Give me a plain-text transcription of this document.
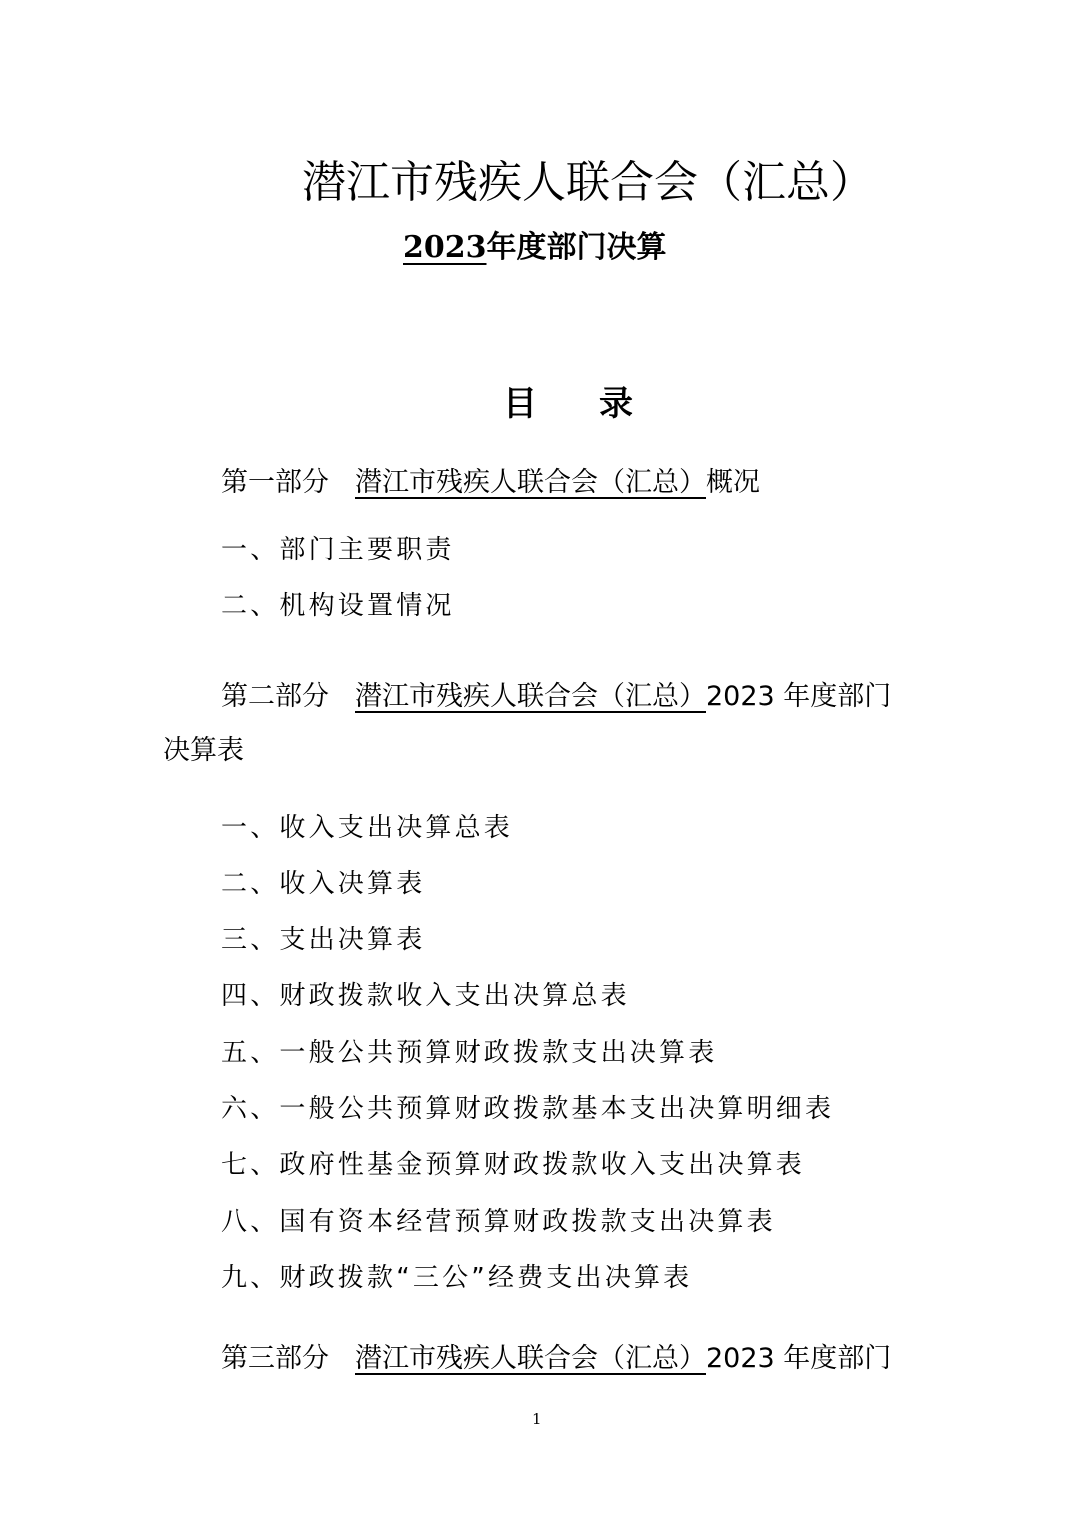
潜江市残疾人联合会（汇总）
2023年度部门决算
目录
第一部分 潜江市残疾人联合会（汇总）概况
一、部门主要职责
二、机构设置情况
第二部分 潜江市残疾人联合会（汇总）2023 年度部门
决算表
一、收入支出决算总表
二、收入决算表
三、支出决算表
四、财政拨款收入支出决算总表
五、一般公共预算财政拨款支出决算表
六、一般公共预算财政拨款基本支出决算明细表
七、政府性基金预算财政拨款收入支出决算表
八、国有资本经营预算财政拨款支出决算表
九、财政拨款“三公”经费支出决算表
第三部分 潜江市残疾人联合会（汇总）2023 年度部门
1
